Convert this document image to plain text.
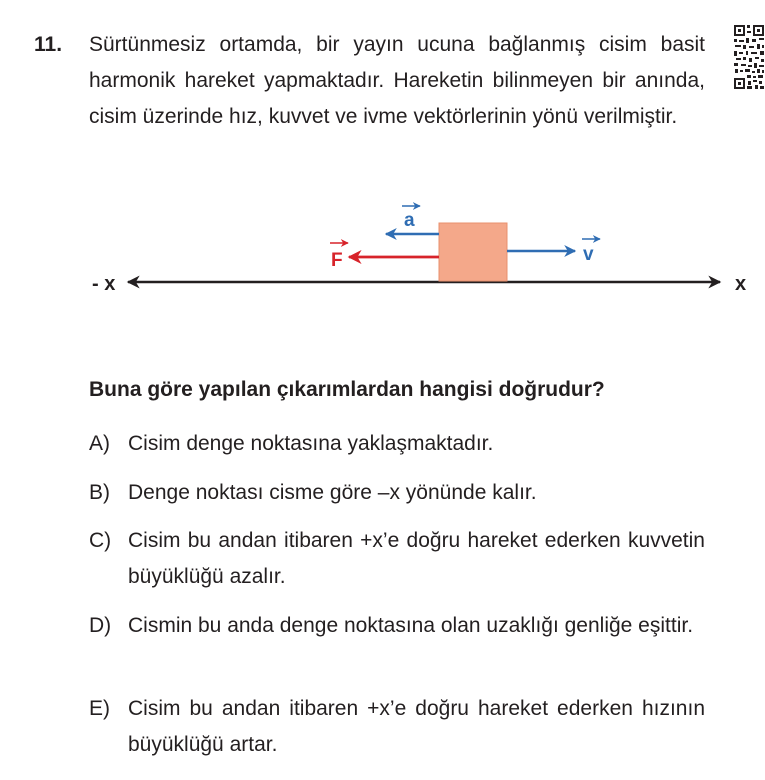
11. Sürtünmesiz ortamda, bir yayın ucuna bağlanmış cisim basit harmonik hareket yapmaktadır. Hareketin bilinmeyen bir anında, cisim üzerinde hız, kuvvet ve ivme vektörlerinin yönü verilmiştir.
- x	x
a
F	v
Buna göre yapılan çıkarımlardan hangisi doğrudur?
A) Cisim denge noktasına yaklaşmaktadır.
B) Denge noktası cisme göre –x yönünde kalır.
C) Cisim bu andan itibaren +x’e doğru hareket ederken kuvvetin büyüklüğü azalır.
D) Cismin bu anda denge noktasına olan uzaklığı genliğe eşittir.
E) Cisim bu andan itibaren +x’e doğru hareket ederken hızının büyüklüğü artar.
